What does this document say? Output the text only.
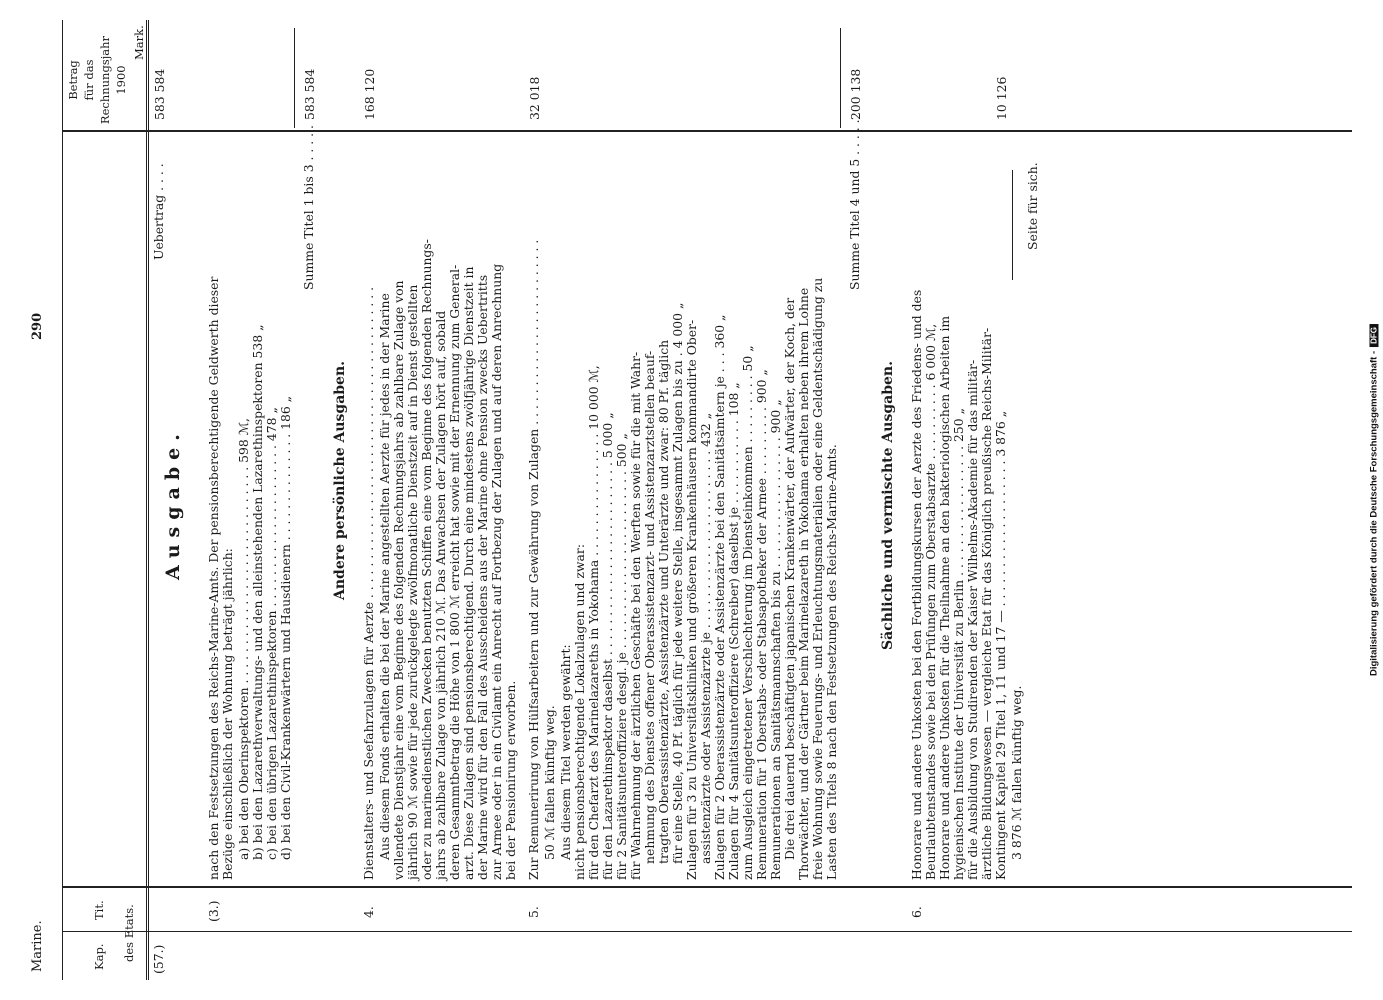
Marine.
290
Kap.
Tit. des Etats.
Betrag für das Rechnungsjahr 1900
Mark.
Ausgabe.
(57.)
Uebertrag . . . .
583 584
(3.)
nach den Festsetzungen des Reichs-Marine-Amts. Der pensionsberechtigende Geldwerth dieser Bezüge einschließlich der Wohnung beträgt jährlich: a) bei den Oberinspektoren . . . . . . . . . . . . . . . . . . . . . . . . . . . . 598 ℳ, b) bei den Lazarethverwaltungs- und den alleinstehenden Lazarethinspektoren 538 „ c) bei den übrigen Lazarethinspektoren . . . . . . . . . . . . . . . . . . . . . 478 „ d) bei den Civil-Krankenwärtern und Hausdienern . . . . . . . . . . . . . . 186 „
Summe Titel 1 bis 3 . . . . .
583 584
Andere persönliche Ausgaben.
4.
Dienstalters- und Seefahrzulagen für Aerzte . . . . . . . . . . . . . . . . . . . . . . . . . . . . . . . . . . . . . . . .
168 120
Aus diesem Fonds erhalten die bei der Marine angestellten Aerzte für jedes in der Marine vollendete Dienstjahr eine vom Beginne des folgenden Rechnungsjahrs ab zahlbare Zulage von jährlich 90 ℳ sowie für jede zurückgelegte zwölfmonatliche Dienstzeit auf in Dienst gestellten oder zu marinedienstlichen Zwecken benutzten Schiffen eine vom Beginne des folgenden Rechnungs- jahrs ab zahlbare Zulage von jährlich 210 ℳ. Das Anwachsen der Zulagen hört auf, sobald deren Gesammtbetrag die Höhe von 1 800 ℳ erreicht hat sowie mit der Ernennung zum General- arzt. Diese Zulagen sind pensionsberechtigend. Durch eine mindestens zwölfjährige Dienstzeit in der Marine wird für den Fall des Ausscheidens aus der Marine ohne Pension zwecks Uebertritts zur Armee oder in ein Civilamt ein Anrecht auf Fortbezug der Zulagen und auf deren Anrechnung bei der Pensionirung erworben.
5.
Zur Remunerirung von Hülfsarbeitern und zur Gewährung von Zulagen . . . . . . . . . . . . . . . . . . . . . . . .
32 018
50 ℳ fallen künftig weg. Aus diesem Titel werden gewährt: nicht pensionsberechtigende Lokalzulagen und zwar: für den Chefarzt des Marinelazareths in Yokohama . . . . . . . . . . . . . . . . 10 000 ℳ, für den Lazarethinspektor daselbst . . . . . . . . . . . . . . . . . . . . . . . . . 5 000 „ für 2 Sanitätsunteroffiziere desgl. je . . . . . . . . . . . . . . . . . . . . . . . 500 „ für Wahrnehmung der ärztlichen Geschäfte bei den Werften sowie für die mit Wahr- nehmung des Dienstes offener Oberassistenzarzt- und Assistenzarztstellen beauf- tragten Oberassistenzärzte, Assistenzärzte und Unterärzte und zwar: 80 Pf. täglich für eine Stelle, 40 Pf. täglich für jede weitere Stelle, insgesammt Zulagen bis zu . 4 000 „ Zulagen für 3 zu Universitätskliniken und größeren Krankenhäusern kommandirte Ober- assistenzärzte oder Assistenzärzte je . . . . . . . . . . . . . . . . . . . . . . . 432 „ Zulagen für 2 Oberassistenzärzte oder Assistenzärzte bei den Sanitätsämtern je . . . 360 „ Zulagen für 4 Sanitätsunteroffiziere (Schreiber) daselbst je . . . . . . . . . . . 108 „ zum Ausgleich eingetretener Verschlechterung im Diensteinkommen . . . . . . . . . 50 „ Remuneration für 1 Oberstabs- oder Stabsapotheker der Armee . . . . . . . . . 900 „ Remunerationen an Sanitätsmannschaften bis zu . . . . . . . . . . . . . . . . . 900 „ Die drei dauernd beschäftigten japanischen Krankenwärter, der Aufwärter, der Koch, der Thorwächter, und der Gärtner beim Marinelazareth in Yokohama erhalten neben ihrem Lohne freie Wohnung sowie Feuerungs- und Erleuchtungsmaterialien oder eine Geldentschädigung zu Lasten des Titels 8 nach den Festsetzungen des Reichs-Marine-Amts.
Summe Titel 4 und 5 . . . . .
200 138
Sächliche und vermischte Ausgaben.
6.
Honorare und andere Unkosten bei den Fortbildungskursen der Aerzte des Friedens- und des Beurlaubtenstandes sowie bei den Prüfungen zum Oberstabsarzte . . . . . . . . . . 6 000 ℳ, Honorare und andere Unkosten für die Theilnahme an den bakteriologischen Arbeiten im hygienischen Institute der Universität zu Berlin . . . . . . . . . . . . . . . . . 250 „ für die Ausbildung von Studirenden der Kaiser Wilhelms-Akademie für das militär- ärztliche Bildungswesen — vergleiche Etat für das Königlich preußische Reichs-Militär- Kontingent Kapitel 29 Titel 1, 11 und 17 — . . . . . . . . . . . . . . . . . . . 3 876 „ 3 876 ℳ fallen künftig weg.
10 126
Seite für sich.
Digitalisierung gefördert durch die Deutsche Forschungsgemeinschaft -DFG
